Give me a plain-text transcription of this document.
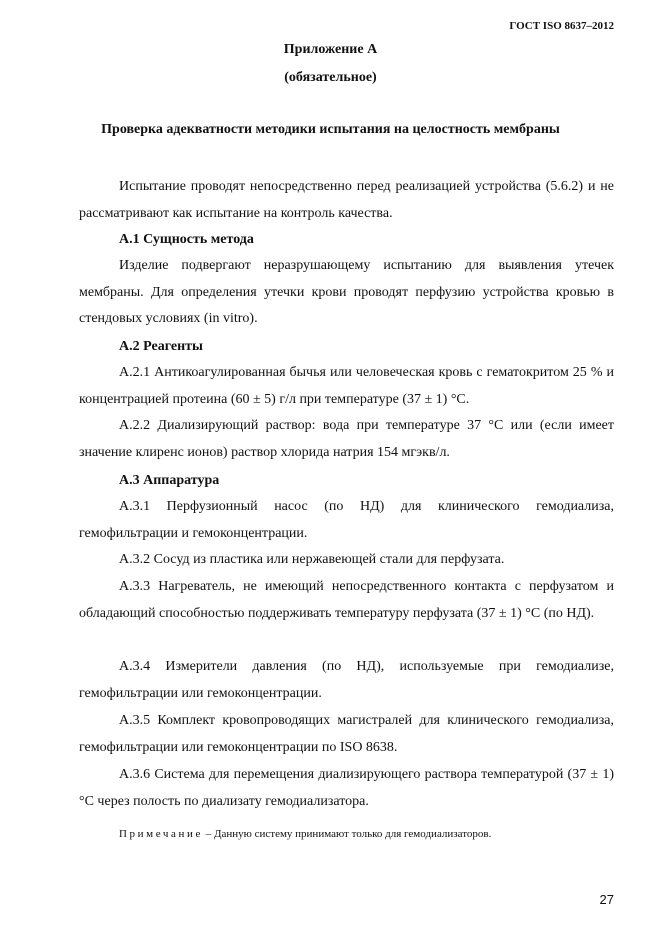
ГОСТ ISO 8637–2012
Приложение А
(обязательное)
Проверка адекватности методики испытания на целостность мембраны

Испытание проводят непосредственно перед реализацией устройства (5.6.2) и не рассматривают как испытание на контроль качества.

А.1 Сущность метода

Изделие подвергают неразрушающему испытанию для выявления утечек мембраны. Для определения утечки крови проводят перфузию устройства кровью в стендовых условиях (in vitro).

А.2 Реагенты

А.2.1 Антикоагулированная бычья или человеческая кровь с гематокритом 25 % и концентрацией протеина (60 ± 5) г/л при температуре (37 ± 1) °С.

А.2.2 Диализирующий раствор: вода при температуре 37 °С или (если имеет значение клиренс ионов) раствор хлорида натрия 154 мгэкв/л.

А.3 Аппаратура

А.3.1 Перфузионный насос (по НД) для клинического гемодиализа, гемофильтрации и гемоконцентрации.

А.3.2 Сосуд из пластика или нержавеющей стали для перфузата.

А.3.3 Нагреватель, не имеющий непосредственного контакта с перфузатом и обладающий способностью поддерживать температуру перфузата (37 ± 1) °С (по НД).

А.3.4 Измерители давления (по НД), используемые при гемодиализе, гемофильтрации или гемоконцентрации.

А.3.5 Комплект кровопроводящих магистралей для клинического гемодиализа, гемофильтрации или гемоконцентрации по ISO 8638.

А.3.6 Система для перемещения диализирующего раствора температурой (37 ± 1) °С через полость по диализату гемодиализатора.

Примечание – Данную систему принимают только для гемодиализаторов.
27
